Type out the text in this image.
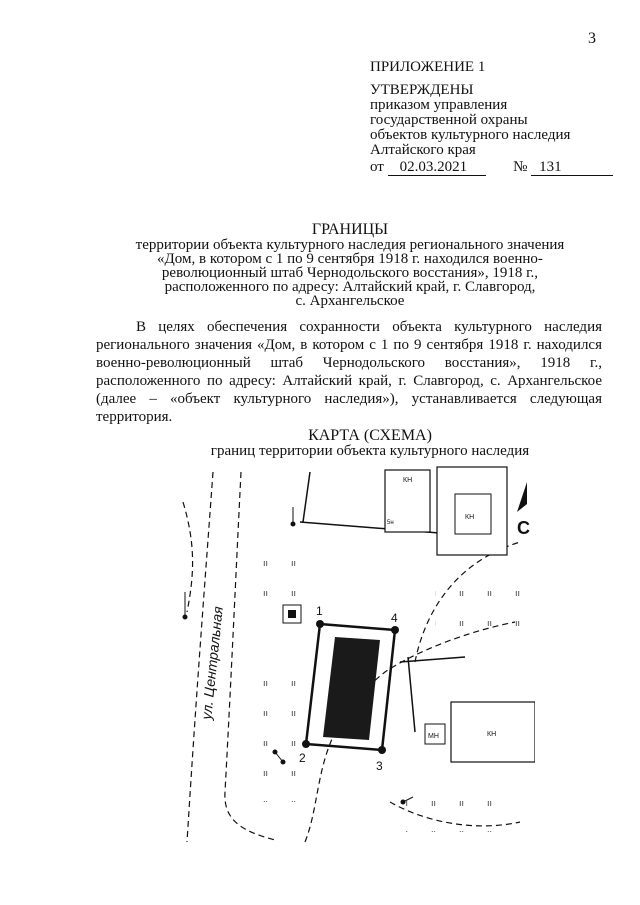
3
ПРИЛОЖЕНИЕ 1
УТВЕРЖДЕНЫ
приказом управления
государственной охраны
объектов культурного наследия
Алтайского края
от 02.03.2021	№ 131
ГРАНИЦЫ
территории объекта культурного наследия регионального значения
«Дом, в котором с 1 по 9 сентября 1918 г. находился военно-
революционный штаб Чернодольского восстания», 1918 г.,
расположенного по адресу: Алтайский край, г. Славгород,
с. Архангельское
В целях обеспечения сохранности объекта культурного наследия регионального значения «Дом, в котором с 1 по 9 сентября 1918 г. находился военно-революционный штаб Чернодольского восстания», 1918 г., расположенного по адресу: Алтайский край, г. Славгород, с. Архангельское (далее – «объект культурного наследия»), устанавливается следующая территория.
КАРТА (СХЕМА)
границ территории объекта культурного наследия
ул. Центральная
КН
5н
КН
1
3
4
КН
МН
С
